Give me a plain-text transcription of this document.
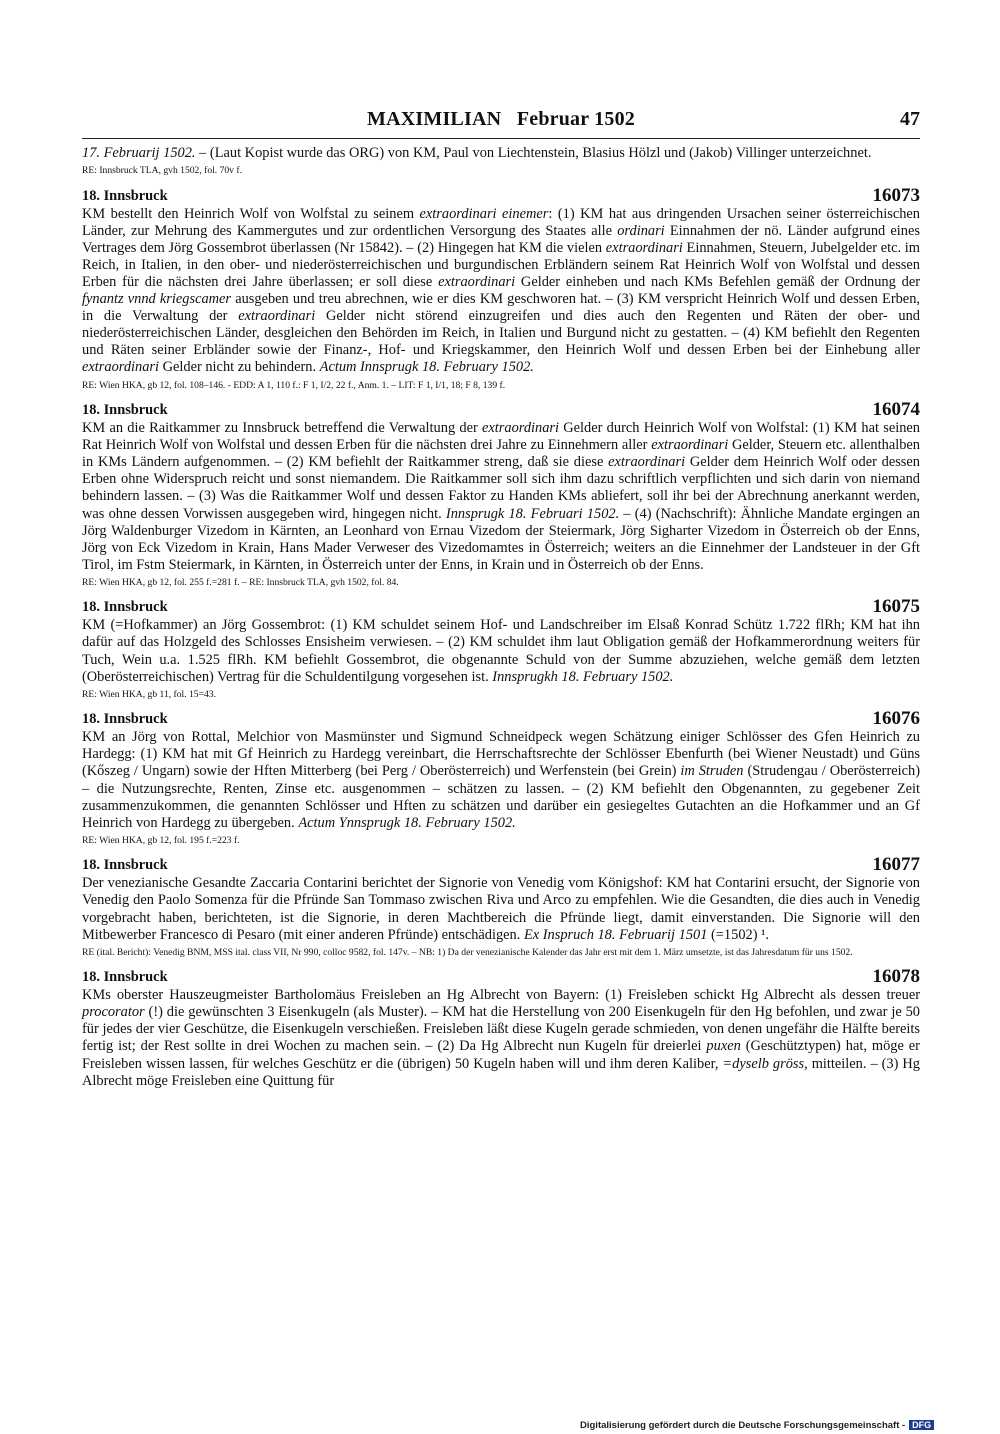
MAXIMILIAN   Februar 1502	47

17. Februarij 1502. – (Laut Kopist wurde das ORG) von KM, Paul von Liechtenstein, Blasius Hölzl und (Jakob) Villinger unterzeichnet.

RE: Innsbruck TLA, gvh 1502, fol. 70v f.

18. Innsbruck	16073

KM bestellt den Heinrich Wolf von Wolfstal zu seinem extraordinari einemer: (1) KM hat aus dringenden Ursachen seiner österreichischen Länder, zur Mehrung des Kammergutes und zur ordentlichen Versorgung des Staates alle ordinari Einnahmen der nö. Länder aufgrund eines Vertrages dem Jörg Gossembrot überlassen (Nr 15842). – (2) Hingegen hat KM die vielen extraordinari Einnahmen, Steuern, Jubelgelder etc. im Reich, in Italien, in den ober- und niederösterreichischen und burgundischen Erbländern seinem Rat Heinrich Wolf von Wolfstal und dessen Erben für die nächsten drei Jahre überlassen; er soll diese extraordinari Gelder einheben und nach KMs Befehlen gemäß der Ordnung der fynantz vnnd kriegscamer ausgeben und treu abrechnen, wie er dies KM geschworen hat. – (3) KM verspricht Heinrich Wolf und dessen Erben, in die Verwaltung der extraordinari Gelder nicht störend einzugreifen und dies auch den Regenten und Räten der ober- und niederösterreichischen Länder, desgleichen den Behörden im Reich, in Italien und Burgund nicht zu gestatten. – (4) KM befiehlt den Regenten und Räten seiner Erbländer sowie der Finanz-, Hof- und Kriegskammer, den Heinrich Wolf und dessen Erben bei der Einhebung aller extraordinari Gelder nicht zu behindern. Actum Innsprugk 18. February 1502.

RE: Wien HKA, gb 12, fol. 108–146. - EDD: A 1, 110 f.: F 1, I/2, 22 f., Anm. 1. – LIT: F 1, I/1, 18; F 8, 139 f.

18. Innsbruck	16074

KM an die Raitkammer zu Innsbruck betreffend die Verwaltung der extraordinari Gelder durch Heinrich Wolf von Wolfstal: (1) KM hat seinen Rat Heinrich Wolf von Wolfstal und dessen Erben für die nächsten drei Jahre zu Einnehmern aller extraordinari Gelder, Steuern etc. allenthalben in KMs Ländern aufgenommen. – (2) KM befiehlt der Raitkammer streng, daß sie diese extraordinari Gelder dem Heinrich Wolf oder dessen Erben ohne Widerspruch reicht und sonst niemandem. Die Raitkammer soll sich ihm dazu schriftlich verpflichten und sich darin von niemand behindern lassen. – (3) Was die Raitkammer Wolf und dessen Faktor zu Handen KMs abliefert, soll ihr bei der Abrechnung anerkannt werden, was ohne dessen Vorwissen ausgegeben wird, hingegen nicht. Innsprugk 18. Februari 1502. – (4) (Nachschrift): Ähnliche Mandate ergingen an Jörg Waldenburger Vizedom in Kärnten, an Leonhard von Ernau Vizedom der Steiermark, Jörg Sigharter Vizedom in Österreich ob der Enns, Jörg von Eck Vizedom in Krain, Hans Mader Verweser des Vizedomamtes in Österreich; weiters an die Einnehmer der Landsteuer in der Gft Tirol, im Fstm Steiermark, in Kärnten, in Österreich unter der Enns, in Krain und in Österreich ob der Enns.

RE: Wien HKA, gb 12, fol. 255 f.=281 f. – RE: Innsbruck TLA, gvh 1502, fol. 84.

18. Innsbruck	16075

KM (=Hofkammer) an Jörg Gossembrot: (1) KM schuldet seinem Hof- und Landschreiber im Elsaß Konrad Schütz 1.722 flRh; KM hat ihn dafür auf das Holzgeld des Schlosses Ensisheim verwiesen. – (2) KM schuldet ihm laut Obligation gemäß der Hofkammerordnung weiters für Tuch, Wein u.a. 1.525 flRh. KM befiehlt Gossembrot, die obgenannte Schuld von der Summe abzuziehen, welche gemäß dem letzten (Oberösterreichischen) Vertrag für die Schuldentilgung vorgesehen ist. Innsprugkh 18. February 1502.

RE: Wien HKA, gb 11, fol. 15=43.

18. Innsbruck	16076

KM an Jörg von Rottal, Melchior von Masmünster und Sigmund Schneidpeck wegen Schätzung einiger Schlösser des Gfen Heinrich zu Hardegg: (1) KM hat mit Gf Heinrich zu Hardegg vereinbart, die Herrschaftsrechte der Schlösser Ebenfurth (bei Wiener Neustadt) und Güns (Kőszeg / Ungarn) sowie der Hften Mitterberg (bei Perg / Oberösterreich) und Werfenstein (bei Grein) im Struden (Strudengau / Oberösterreich) – die Nutzungsrechte, Renten, Zinse etc. ausgenommen – schätzen zu lassen. – (2) KM befiehlt den Obgenannten, zu gegebener Zeit zusammenzukommen, die genannten Schlösser und Hften zu schätzen und darüber ein gesiegeltes Gutachten an die Hofkammer und an Gf Heinrich von Hardegg zu übergeben. Actum Ynnsprugk 18. February 1502.

RE: Wien HKA, gb 12, fol. 195 f.=223 f.

18. Innsbruck	16077

Der venezianische Gesandte Zaccaria Contarini berichtet der Signorie von Venedig vom Königshof: KM hat Contarini ersucht, der Signorie von Venedig den Paolo Somenza für die Pfründe San Tommaso zwischen Riva und Arco zu empfehlen. Wie die Gesandten, die dies auch in Venedig vorgebracht haben, berichteten, ist die Signorie, in deren Machtbereich die Pfründe liegt, damit einverstanden. Die Signorie will den Mitbewerber Francesco di Pesaro (mit einer anderen Pfründe) entschädigen. Ex Inspruch 18. Februarij 1501 (=1502) ¹.

RE (ital. Bericht): Venedig BNM, MSS ital. class VII, Nr 990, colloc 9582, fol. 147v. – NB: 1) Da der venezianische Kalender das Jahr erst mit dem 1. März umsetzte, ist das Jahresdatum für uns 1502.

18. Innsbruck	16078

KMs oberster Hauszeugmeister Bartholomäus Freisleben an Hg Albrecht von Bayern: (1) Freisleben schickt Hg Albrecht als dessen treuer procorator (!) die gewünschten 3 Eisenkugeln (als Muster). – KM hat die Herstellung von 200 Eisenkugeln für den Hg befohlen, und zwar je 50 für jedes der vier Geschütze, die Eisenkugeln verschießen. Freisleben läßt diese Kugeln gerade schmieden, von denen ungefähr die Hälfte bereits fertig ist; der Rest sollte in drei Wochen zu machen sein. – (2) Da Hg Albrecht nun Kugeln für dreierlei puxen (Geschütztypen) hat, möge er Freisleben wissen lassen, für welches Geschütz er die (übrigen) 50 Kugeln haben will und ihm deren Kaliber, =dyselb gröss, mitteilen. – (3) Hg Albrecht möge Freisleben eine Quittung für

Digitalisierung gefördert durch die Deutsche Forschungsgemeinschaft - DFG
